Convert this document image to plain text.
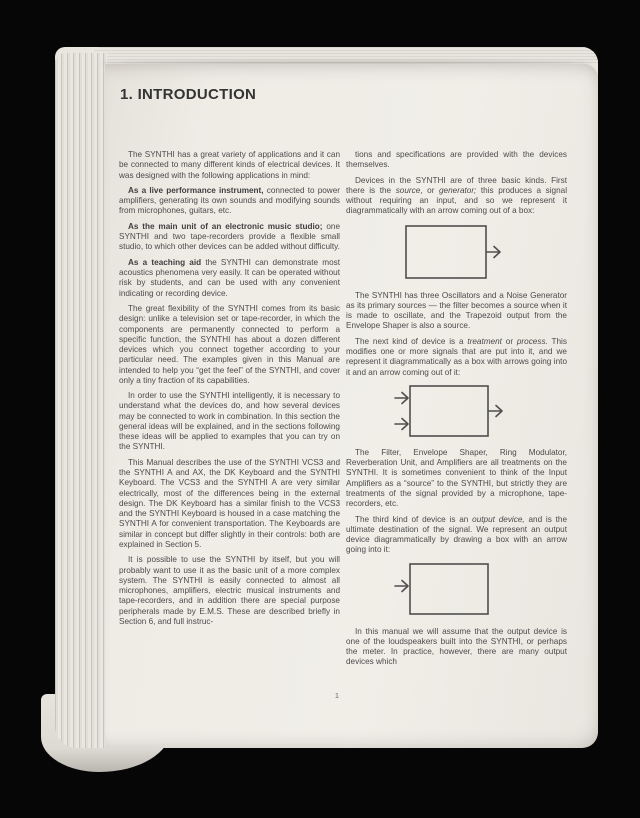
1. INTRODUCTION

The SYNTHI has a great variety of applications and it can be connected to many different kinds of electrical devices. It was designed with the following applications in mind:

As a live performance instrument, connected to power amplifiers, generating its own sounds and modifying sounds from microphones, guitars, etc.

As the main unit of an electronic music studio; one SYNTHI and two tape-recorders provide a flexible small studio, to which other devices can be added without difficulty.

As a teaching aid the SYNTHI can demonstrate most acoustics phenomena very easily. It can be operated without risk by students, and can be used with any convenient indicating or recording device.

The great flexibility of the SYNTHI comes from its basic design: unlike a television set or tape-recorder, in which the components are permanently connected to perform a specific function, the SYNTHI has about a dozen different devices which you connect together according to your particular need. The examples given in this Manual are intended to help you “get the feel” of the SYNTHI, and cover only a tiny fraction of its capabilities.

In order to use the SYNTHI intelligently, it is necessary to understand what the devices do, and how several devices may be connected to work in combination. In this section the general ideas will be explained, and in the sections following these ideas will be applied to examples that you can try on the SYNTHI.

This Manual describes the use of the SYNTHI VCS3 and the SYNTHI A and AX, the DK Keyboard and the SYNTHI Keyboard. The VCS3 and the SYNTHI A are very similar electrically, most of the differences being in the external design. The DK Keyboard has a similar finish to the VCS3 and the SYNTHI Keyboard is housed in a case matching the SYNTHI A for convenient transportation. The Keyboards are similar in concept but differ slightly in their controls: both are explained in Section 5.

It is possible to use the SYNTHI by itself, but you will probably want to use it as the basic unit of a more complex system. The SYNTHI is easily connected to almost all microphones, amplifiers, electric musical instruments and tape-recorders, and in addition there are special purpose peripherals made by E.M.S. These are described briefly in Section 6, and full instruc-

tions and specifications are provided with the devices themselves.

Devices in the SYNTHI are of three basic kinds. First there is the source, or generator; this produces a signal without requiring an input, and so we represent it diagrammatically with an arrow coming out of a box:

The SYNTHI has three Oscillators and a Noise Generator as its primary sources — the filter becomes a source when it is made to oscillate, and the Trapezoid output from the Envelope Shaper is also a source.

The next kind of device is a treatment or process. This modifies one or more signals that are put into it, and we represent it diagrammatically as a box with arrows going into it and an arrow coming out of it:

The Filter, Envelope Shaper, Ring Modulator, Reverberation Unit, and Amplifiers are all treatments on the SYNTHI. It is sometimes convenient to think of the Input Amplifiers as a “source” to the SYNTHI, but strictly they are treatments of the signal provided by a microphone, tape-recorders, etc.

The third kind of device is an output device, and is the ultimate destination of the signal. We represent an output device diagrammatically by drawing a box with an arrow going into it:

In this manual we will assume that the output device is one of the loudspeakers built into the SYNTHI, or perhaps the meter. In practice, however, there are many output devices which

1
